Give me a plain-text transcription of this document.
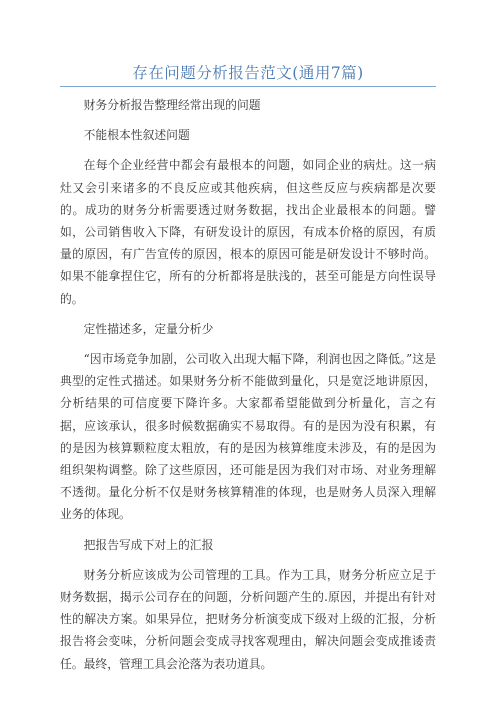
存在问题分析报告范文(通用7篇)

财务分析报告整理经常出现的问题

不能根本性叙述问题

在每个企业经营中都会有最根本的问题，如同企业的病灶。这一病灶又会引来诸多的不良反应或其他疾病，但这些反应与疾病都是次要的。成功的财务分析需要透过财务数据，找出企业最根本的问题。譬如，公司销售收入下降，有研发设计的原因，有成本价格的原因，有质量的原因，有广告宣传的原因，根本的原因可能是研发设计不够时尚。如果不能拿捏住它，所有的分析都将是肤浅的，甚至可能是方向性误导的。

定性描述多，定量分析少

“因市场竞争加剧，公司收入出现大幅下降，利润也因之降低。”这是典型的定性式描述。如果财务分析不能做到量化，只是宽泛地讲原因，分析结果的可信度要下降许多。大家都希望能做到分析量化，言之有据，应该承认，很多时候数据确实不易取得。有的是因为没有积累，有的是因为核算颗粒度太粗放，有的是因为核算维度未涉及，有的是因为组织架构调整。除了这些原因，还可能是因为我们对市场、对业务理解不透彻。量化分析不仅是财务核算精准的体现，也是财务人员深入理解业务的体现。

把报告写成下对上的汇报

财务分析应该成为公司管理的工具。作为工具，财务分析应立足于财务数据，揭示公司存在的问题，分析问题产生的.原因，并提出有针对性的解决方案。如果异位，把财务分析演变成下级对上级的汇报，分析报告将会变味，分析问题会变成寻找客观理由，解决问题会变成推诿责任。最终，管理工具会沦落为表功道具。
